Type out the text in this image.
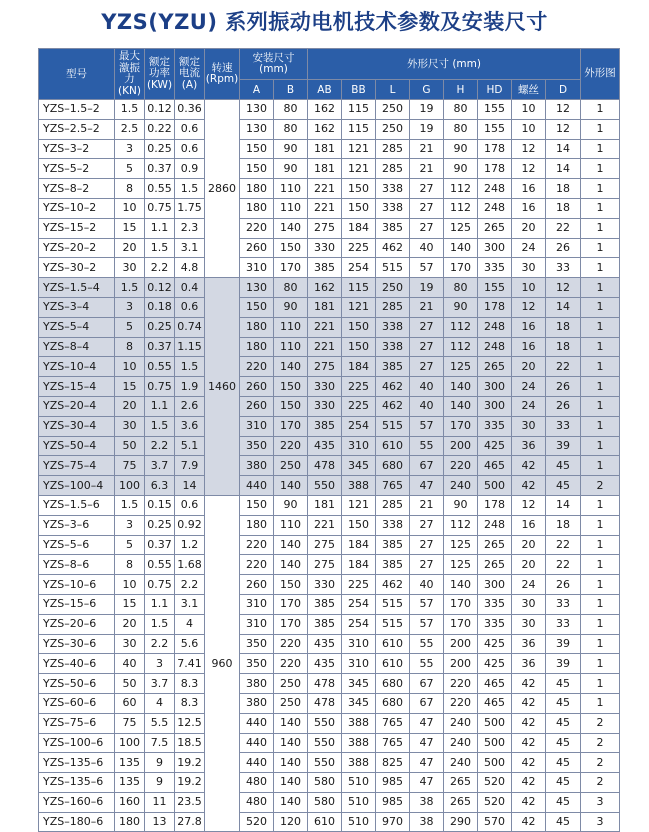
YZS(YZU) 系列振动电机技术参数及安装尺寸
型号	最大激振力(KN)	额定功率(KW)	额定电流(A)	转速(Rpm)	安装尺寸(mm)		外形尺寸 (mm)								外形图
					A	B	AB	BB	L	G	H	HD	螺丝	D	
YZS–1.5–2	1.5	0.12	0.36	2860	130	80	162	115	250	19	80	155	10	12	1
YZS–2.5–2	2.5	0.22	0.6		130	80	162	115	250	19	80	155	10	12	1
YZS–3–2	3	0.25	0.6		150	90	181	121	285	21	90	178	12	14	1
YZS–5–2	5	0.37	0.9		150	90	181	121	285	21	90	178	12	14	1
YZS–8–2	8	0.55	1.5		180	110	221	150	338	27	112	248	16	18	1
YZS–10–2	10	0.75	1.75		180	110	221	150	338	27	112	248	16	18	1
YZS–15–2	15	1.1	2.3		220	140	275	184	385	27	125	265	20	22	1
YZS–20–2	20	1.5	3.1		260	150	330	225	462	40	140	300	24	26	1
YZS–30–2	30	2.2	4.8		310	170	385	254	515	57	170	335	30	33	1
YZS–1.5–4	1.5	0.12	0.4	1460	130	80	162	115	250	19	80	155	10	12	1
YZS–3–4	3	0.18	0.6		150	90	181	121	285	21	90	178	12	14	1
YZS–5–4	5	0.25	0.74		180	110	221	150	338	27	112	248	16	18	1
YZS–8–4	8	0.37	1.15		180	110	221	150	338	27	112	248	16	18	1
YZS–10–4	10	0.55	1.5		220	140	275	184	385	27	125	265	20	22	1
YZS–15–4	15	0.75	1.9		260	150	330	225	462	40	140	300	24	26	1
YZS–20–4	20	1.1	2.6		260	150	330	225	462	40	140	300	24	26	1
YZS–30–4	30	1.5	3.6		310	170	385	254	515	57	170	335	30	33	1
YZS–50–4	50	2.2	5.1		350	220	435	310	610	55	200	425	36	39	1
YZS–75–4	75	3.7	7.9		380	250	478	345	680	67	220	465	42	45	1
YZS–100–4	100	6.3	14		440	140	550	388	765	47	240	500	42	45	2
YZS–1.5–6	1.5	0.15	0.6	960	150	90	181	121	285	21	90	178	12	14	1
YZS–3–6	3	0.25	0.92		180	110	221	150	338	27	112	248	16	18	1
YZS–5–6	5	0.37	1.2		220	140	275	184	385	27	125	265	20	22	1
YZS–8–6	8	0.55	1.68		220	140	275	184	385	27	125	265	20	22	1
YZS–10–6	10	0.75	2.2		260	150	330	225	462	40	140	300	24	26	1
YZS–15–6	15	1.1	3.1		310	170	385	254	515	57	170	335	30	33	1
YZS–20–6	20	1.5	4		310	170	385	254	515	57	170	335	30	33	1
YZS–30–6	30	2.2	5.6		350	220	435	310	610	55	200	425	36	39	1
YZS–40–6	40	3	7.41		350	220	435	310	610	55	200	425	36	39	1
YZS–50–6	50	3.7	8.3		380	250	478	345	680	67	220	465	42	45	1
YZS–60–6	60	4	8.3		380	250	478	345	680	67	220	465	42	45	1
YZS–75–6	75	5.5	12.5		440	140	550	388	765	47	240	500	42	45	2
YZS–100–6	100	7.5	18.5		440	140	550	388	765	47	240	500	42	45	2
YZS–135–6	135	9	19.2		440	140	550	388	825	47	240	500	42	45	2
YZS–135–6	135	9	19.2		480	140	580	510	985	47	265	520	42	45	2
YZS–160–6	160	11	23.5		480	140	580	510	985	38	265	520	42	45	3
YZS–180–6	180	13	27.8		520	120	610	510	970	38	290	570	42	45	3
